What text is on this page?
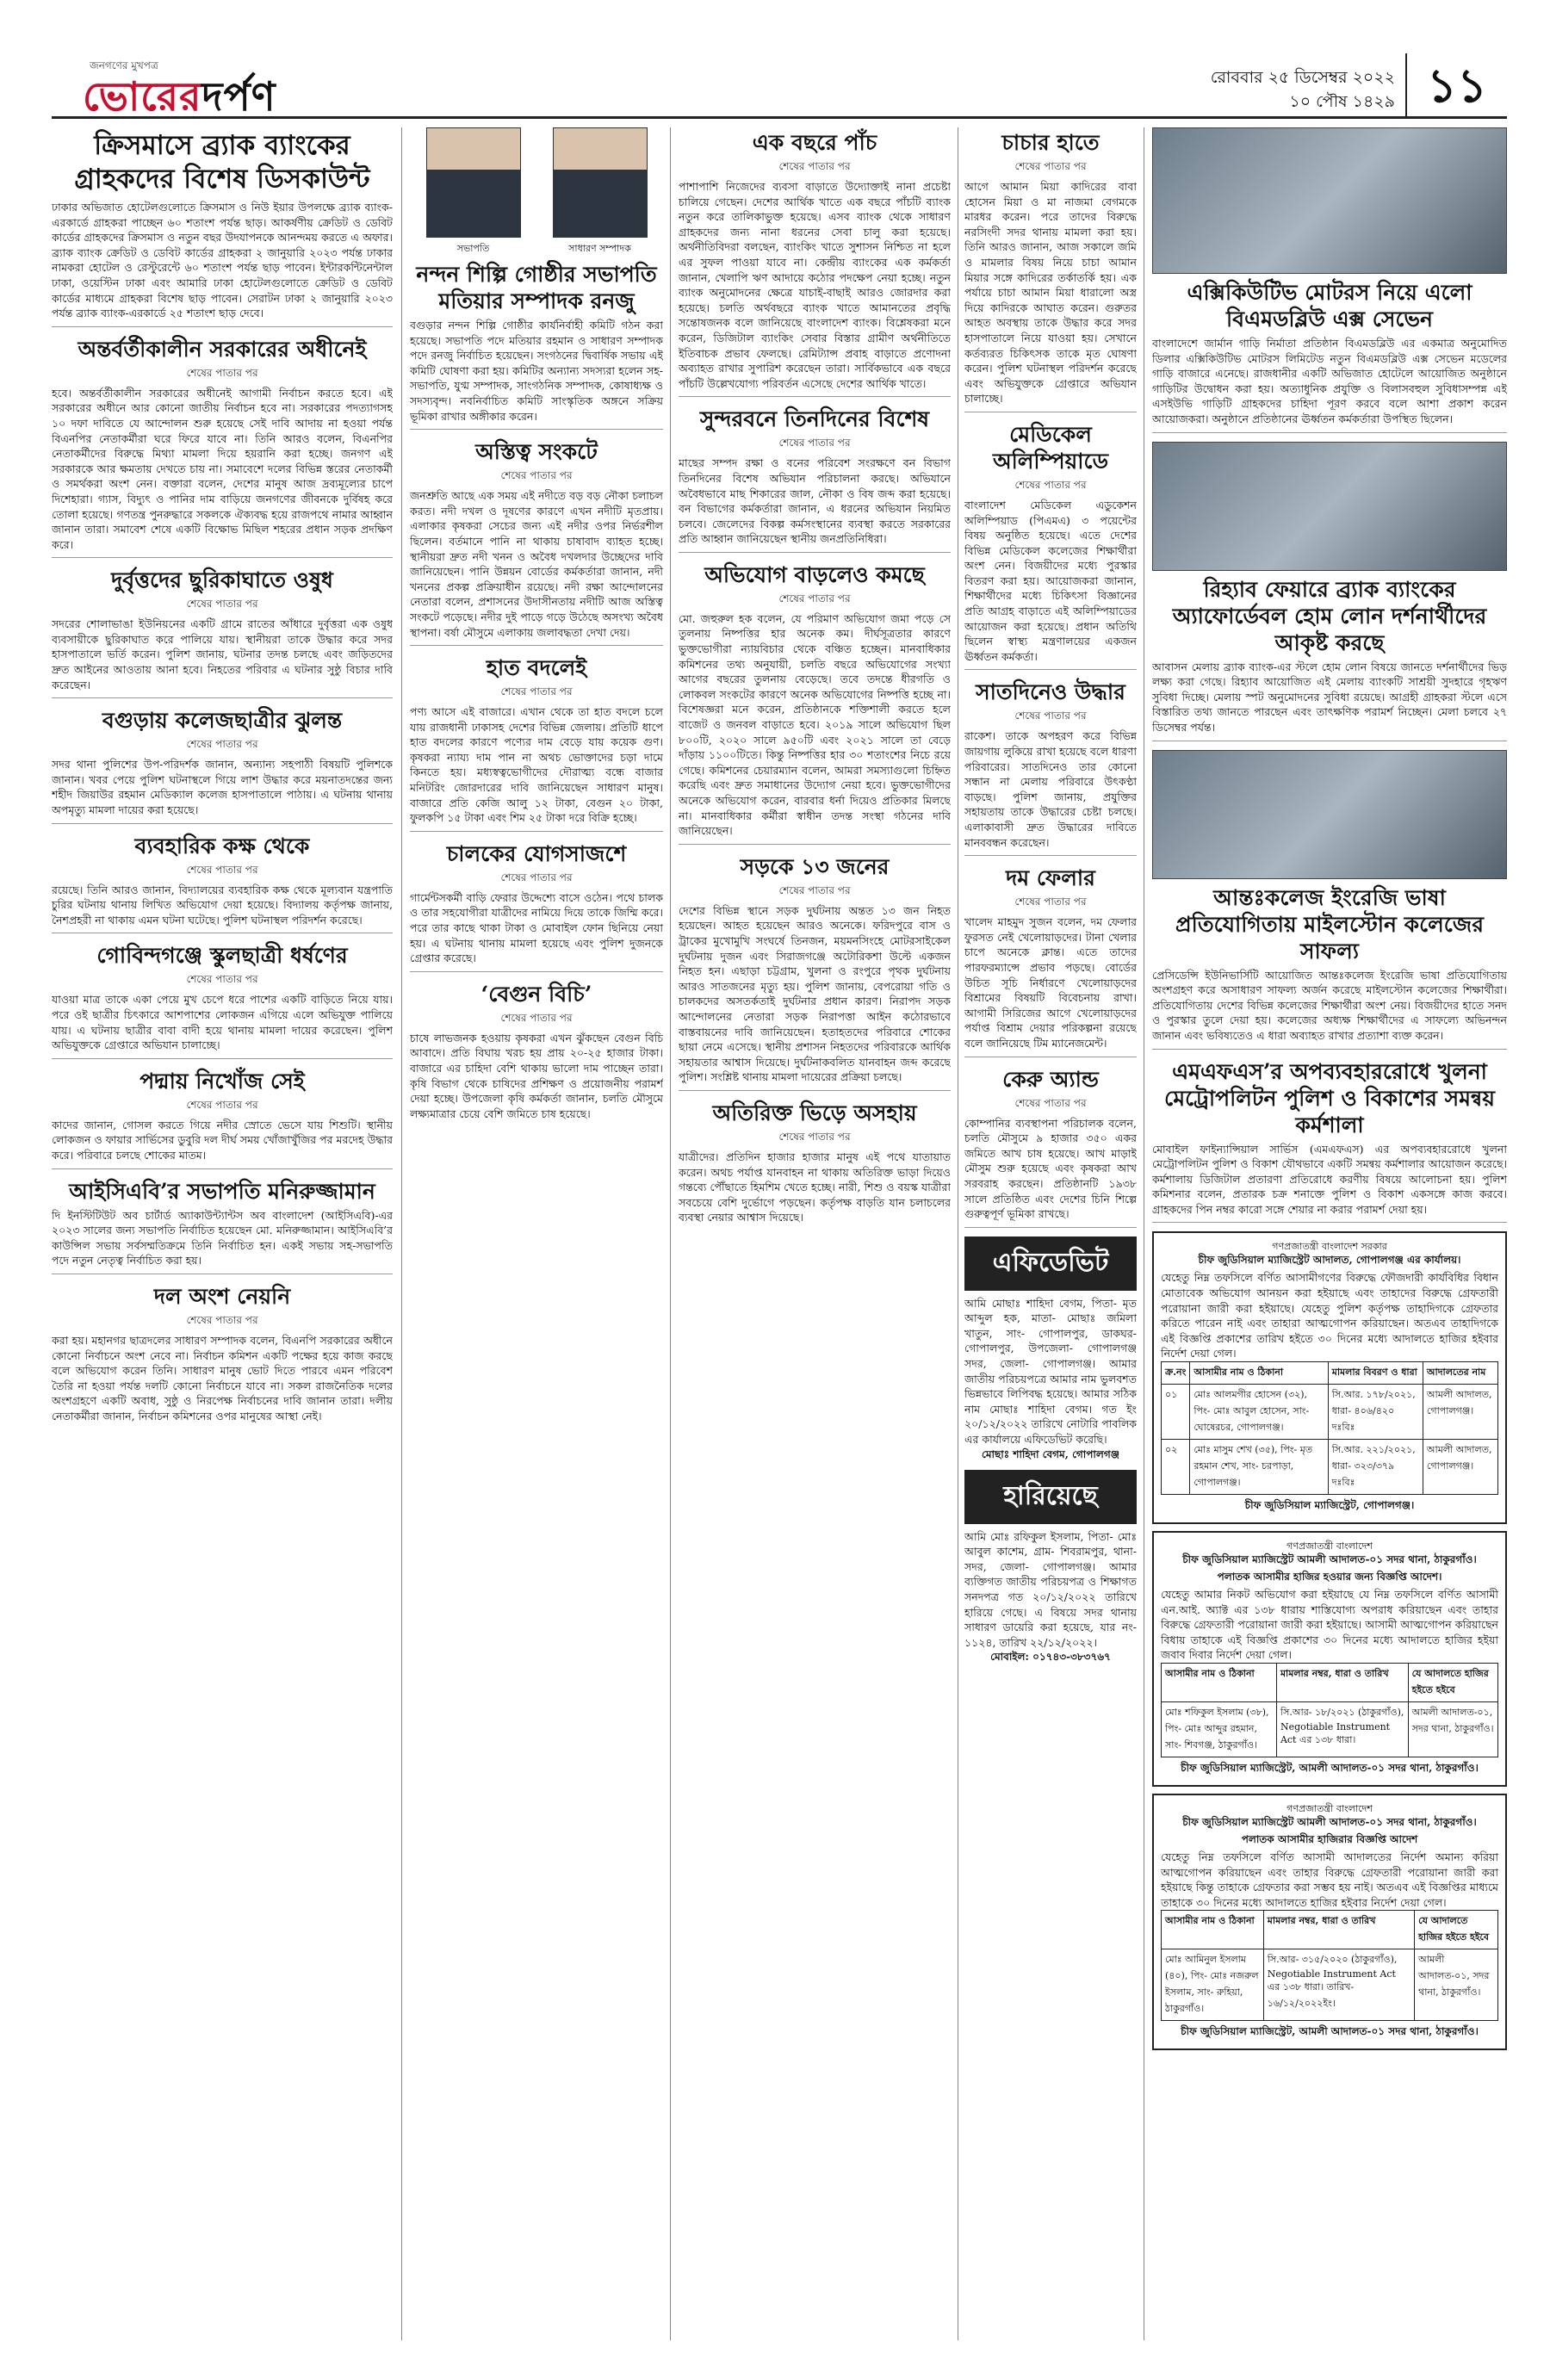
জনগণের মুখপত্র
ভোরেরদর্পণ	রোববার ২৫ ডিসেম্বর ২০২২
১০ পৌষ ১৪২৯ ১১
ক্রিসমাসে ব্র্যাক ব্যাংকের গ্রাহকদের বিশেষ ডিসকাউন্ট

ঢাকার অভিজাত হোটেলগুলোতে ক্রিসমাস ও নিউ ইয়ার উপলক্ষে ব্র্যাক ব্যাংক-এরকার্ডে গ্রাহকরা পাচ্ছেন ৬০ শতাংশ পর্যন্ত ছাড়। আকর্ষণীয় ক্রেডিট ও ডেবিট কার্ডের গ্রাহকদের ক্রিসমাস ও নতুন বছর উদযাপনকে আনন্দময় করতে এ অফার। ব্র্যাক ব্যাংক ক্রেডিট ও ডেবিট কার্ডের গ্রাহকরা ২ জানুয়ারি ২০২৩ পর্যন্ত ঢাকার নামকরা হোটেল ও রেস্টুরেন্টে ৬০ শতাংশ পর্যন্ত ছাড় পাবেন। ইন্টারকন্টিনেন্টাল ঢাকা, ওয়েস্টিন ঢাকা এবং আমারি ঢাকা হোটেলগুলোতে ক্রেডিট ও ডেবিট কার্ডের মাধ্যমে গ্রাহকরা বিশেষ ছাড় পাবেন। সেরাটন ঢাকা ২ জানুয়ারি ২০২৩ পর্যন্ত ব্র্যাক ব্যাংক-এরকার্ডে ২৫ শতাংশ ছাড় দেবে।

অন্তর্বর্তীকালীন সরকারের অধীনেই
শেষের পাতার পর

হবে। অন্তর্বর্তীকালীন সরকারের অধীনেই আগামী নির্বাচন করতে হবে। এই সরকারের অধীনে আর কোনো জাতীয় নির্বাচন হবে না। সরকারের পদত্যাগসহ ১০ দফা দাবিতে যে আন্দোলন শুরু হয়েছে সেই দাবি আদায় না হওয়া পর্যন্ত বিএনপির নেতাকর্মীরা ঘরে ফিরে যাবে না। তিনি আরও বলেন, বিএনপির নেতাকর্মীদের বিরুদ্ধে মিথ্যা মামলা দিয়ে হয়রানি করা হচ্ছে। জনগণ এই সরকারকে আর ক্ষমতায় দেখতে চায় না। সমাবেশে দলের বিভিন্ন স্তরের নেতাকর্মী ও সমর্থকরা অংশ নেন। বক্তারা বলেন, দেশের মানুষ আজ দ্রব্যমূল্যের চাপে দিশেহারা। গ্যাস, বিদ্যুৎ ও পানির দাম বাড়িয়ে জনগণের জীবনকে দুর্বিষহ করে তোলা হয়েছে। গণতন্ত্র পুনরুদ্ধারে সকলকে ঐক্যবদ্ধ হয়ে রাজপথে নামার আহ্বান জানান তারা। সমাবেশ শেষে একটি বিক্ষোভ মিছিল শহরের প্রধান সড়ক প্রদক্ষিণ করে।

দুর্বৃত্তদের ছুরিকাঘাতে ওষুধ
শেষের পাতার পর

সদরের শোলাভাঙা ইউনিয়নের একটি গ্রামে রাতের আঁধারে দুর্বৃত্তরা এক ওষুধ ব্যবসায়ীকে ছুরিকাঘাত করে পালিয়ে যায়। স্থানীয়রা তাকে উদ্ধার করে সদর হাসপাতালে ভর্তি করেন। পুলিশ জানায়, ঘটনার তদন্ত চলছে এবং জড়িতদের দ্রুত আইনের আওতায় আনা হবে। নিহতের পরিবার এ ঘটনার সুষ্ঠু বিচার দাবি করেছেন।

বগুড়ায় কলেজছাত্রীর ঝুলন্ত
শেষের পাতার পর

সদর থানা পুলিশের উপ-পরিদর্শক জানান, অন্যান্য সহপাঠী বিষয়টি পুলিশকে জানান। খবর পেয়ে পুলিশ ঘটনাস্থলে গিয়ে লাশ উদ্ধার করে ময়নাতদন্তের জন্য শহীদ জিয়াউর রহমান মেডিক্যাল কলেজ হাসপাতালে পাঠায়। এ ঘটনায় থানায় অপমৃত্যু মামলা দায়ের করা হয়েছে।

ব্যবহারিক কক্ষ থেকে
শেষের পাতার পর

রয়েছে। তিনি আরও জানান, বিদ্যালয়ের ব্যবহারিক কক্ষ থেকে মূল্যবান যন্ত্রপাতি চুরির ঘটনায় থানায় লিখিত অভিযোগ দেয়া হয়েছে। বিদ্যালয় কর্তৃপক্ষ জানায়, নৈশপ্রহরী না থাকায় এমন ঘটনা ঘটেছে। পুলিশ ঘটনাস্থল পরিদর্শন করেছে।

গোবিন্দগঞ্জে স্কুলছাত্রী ধর্ষণের
শেষের পাতার পর

যাওয়া মাত্র তাকে একা পেয়ে মুখ চেপে ধরে পাশের একটি বাড়িতে নিয়ে যায়। পরে ওই ছাত্রীর চিৎকারে আশপাশের লোকজন এগিয়ে এলে অভিযুক্ত পালিয়ে যায়। এ ঘটনায় ছাত্রীর বাবা বাদী হয়ে থানায় মামলা দায়ের করেছেন। পুলিশ অভিযুক্তকে গ্রেপ্তারে অভিযান চালাচ্ছে।

পদ্মায় নিখোঁজ সেই
শেষের পাতার পর

কাদের জানান, গোসল করতে গিয়ে নদীর স্রোতে ভেসে যায় শিশুটি। স্থানীয় লোকজন ও ফায়ার সার্ভিসের ডুবুরি দল দীর্ঘ সময় খোঁজাখুঁজির পর মরদেহ উদ্ধার করে। পরিবারে চলছে শোকের মাতম।

আইসিএবি’র সভাপতি মনিরুজ্জামান

দি ইনস্টিটিউট অব চার্টার্ড অ্যাকাউন্ট্যান্টস অব বাংলাদেশ (আইসিএবি)-এর ২০২৩ সালের জন্য সভাপতি নির্বাচিত হয়েছেন মো. মনিরুজ্জামান। আইসিএবি’র কাউন্সিল সভায় সর্বসম্মতিক্রমে তিনি নির্বাচিত হন। একই সভায় সহ-সভাপতি পদে নতুন নেতৃত্ব নির্বাচিত করা হয়।

দল অংশ নেয়নি
শেষের পাতার পর

করা হয়। মহানগর ছাত্রদলের সাধারণ সম্পাদক বলেন, বিএনপি সরকারের অধীনে কোনো নির্বাচনে অংশ নেবে না। নির্বাচন কমিশন একটি পক্ষের হয়ে কাজ করছে বলে অভিযোগ করেন তিনি। সাধারণ মানুষ ভোট দিতে পারবে এমন পরিবেশ তৈরি না হওয়া পর্যন্ত দলটি কোনো নির্বাচনে যাবে না। সকল রাজনৈতিক দলের অংশগ্রহণে একটি অবাধ, সুষ্ঠু ও নিরপেক্ষ নির্বাচনের দাবি জানান তারা। দলীয় নেতাকর্মীরা জানান, নির্বাচন কমিশনের ওপর মানুষের আস্থা নেই।

সভাপতি	সাধারণ সম্পাদক
নন্দন শিল্পি গোষ্ঠীর সভাপতি মতিয়ার সম্পাদক রনজু

বগুড়ার নন্দন শিল্পি গোষ্ঠীর কার্যনির্বাহী কমিটি গঠন করা হয়েছে। সভাপতি পদে মতিয়ার রহমান ও সাধারণ সম্পাদক পদে রনজু নির্বাচিত হয়েছেন। সংগঠনের দ্বিবার্ষিক সভায় এই কমিটি ঘোষণা করা হয়। কমিটির অন্যান্য সদস্যরা হলেন সহ-সভাপতি, যুগ্ম সম্পাদক, সাংগঠনিক সম্পাদক, কোষাধ্যক্ষ ও সদস্যবৃন্দ। নবনির্বাচিত কমিটি সাংস্কৃতিক অঙ্গনে সক্রিয় ভূমিকা রাখার অঙ্গীকার করেন।

অস্তিত্ব সংকটে
শেষের পাতার পর

জনশ্রুতি আছে এক সময় এই নদীতে বড় বড় নৌকা চলাচল করত। নদী দখল ও দূষণের কারণে এখন নদীটি মৃতপ্রায়। এলাকার কৃষকরা সেচের জন্য এই নদীর ওপর নির্ভরশীল ছিলেন। বর্তমানে পানি না থাকায় চাষাবাদ ব্যাহত হচ্ছে। স্থানীয়রা দ্রুত নদী খনন ও অবৈধ দখলদার উচ্ছেদের দাবি জানিয়েছেন। পানি উন্নয়ন বোর্ডের কর্মকর্তারা জানান, নদী খননের প্রকল্প প্রক্রিয়াধীন রয়েছে। নদী রক্ষা আন্দোলনের নেতারা বলেন, প্রশাসনের উদাসীনতায় নদীটি আজ অস্তিত্ব সংকটে পড়েছে। নদীর দুই পাড়ে গড়ে উঠেছে অসংখ্য অবৈধ স্থাপনা। বর্ষা মৌসুমে এলাকায় জলাবদ্ধতা দেখা দেয়।

হাত বদলেই
শেষের পাতার পর

পণ্য আসে এই বাজারে। এখান থেকে তা হাত বদলে চলে যায় রাজধানী ঢাকাসহ দেশের বিভিন্ন জেলায়। প্রতিটি ধাপে হাত বদলের কারণে পণ্যের দাম বেড়ে যায় কয়েক গুণ। কৃষকরা ন্যায্য দাম পান না অথচ ভোক্তাদের চড়া দামে কিনতে হয়। মধ্যস্বত্বভোগীদের দৌরাত্ম্য বন্ধে বাজার মনিটরিং জোরদারের দাবি জানিয়েছেন সাধারণ মানুষ। বাজারে প্রতি কেজি আলু ১২ টাকা, বেগুন ২০ টাকা, ফুলকপি ১৫ টাকা এবং শিম ২৫ টাকা দরে বিক্রি হচ্ছে।

চালকের যোগসাজশে
শেষের পাতার পর

গার্মেন্টসকর্মী বাড়ি ফেরার উদ্দেশ্যে বাসে ওঠেন। পথে চালক ও তার সহযোগীরা যাত্রীদের নামিয়ে দিয়ে তাকে জিম্মি করে। পরে তার কাছে থাকা টাকা ও মোবাইল ফোন ছিনিয়ে নেয়া হয়। এ ঘটনায় থানায় মামলা হয়েছে এবং পুলিশ দুজনকে গ্রেপ্তার করেছে।

‘বেগুন বিচি’
শেষের পাতার পর

চাষে লাভজনক হওয়ায় কৃষকরা এখন ঝুঁকছেন বেগুন বিচি আবাদে। প্রতি বিঘায় খরচ হয় প্রায় ২০-২৫ হাজার টাকা। বাজারে এর চাহিদা বেশি থাকায় ভালো দাম পাচ্ছেন তারা। কৃষি বিভাগ থেকে চাষিদের প্রশিক্ষণ ও প্রয়োজনীয় পরামর্শ দেয়া হচ্ছে। উপজেলা কৃষি কর্মকর্তা জানান, চলতি মৌসুমে লক্ষ্যমাত্রার চেয়ে বেশি জমিতে চাষ হয়েছে।

এক বছরে পাঁচ
শেষের পাতার পর

পাশাপাশি নিজেদের ব্যবসা বাড়াতে উদ্যোক্তাই নানা প্রচেষ্টা চালিয়ে গেছেন। দেশের আর্থিক খাতে এক বছরে পাঁচটি ব্যাংক নতুন করে তালিকাভুক্ত হয়েছে। এসব ব্যাংক থেকে সাধারণ গ্রাহকদের জন্য নানা ধরনের সেবা চালু করা হয়েছে। অর্থনীতিবিদরা বলছেন, ব্যাংকিং খাতে সুশাসন নিশ্চিত না হলে এর সুফল পাওয়া যাবে না। কেন্দ্রীয় ব্যাংকের এক কর্মকর্তা জানান, খেলাপি ঋণ আদায়ে কঠোর পদক্ষেপ নেয়া হচ্ছে। নতুন ব্যাংক অনুমোদনের ক্ষেত্রে যাচাই-বাছাই আরও জোরদার করা হয়েছে। চলতি অর্থবছরে ব্যাংক খাতে আমানতের প্রবৃদ্ধি সন্তোষজনক বলে জানিয়েছে বাংলাদেশ ব্যাংক। বিশ্লেষকরা মনে করেন, ডিজিটাল ব্যাংকিং সেবার বিস্তার গ্রামীণ অর্থনীতিতে ইতিবাচক প্রভাব ফেলছে। রেমিট্যান্স প্রবাহ বাড়াতে প্রণোদনা অব্যাহত রাখার সুপারিশ করেছেন তারা। সার্বিকভাবে এক বছরে পাঁচটি উল্লেখযোগ্য পরিবর্তন এসেছে দেশের আর্থিক খাতে।

সুন্দরবনে তিনদিনের বিশেষ
শেষের পাতার পর

মাছের সম্পদ রক্ষা ও বনের পরিবেশ সংরক্ষণে বন বিভাগ তিনদিনের বিশেষ অভিযান পরিচালনা করছে। অভিযানে অবৈধভাবে মাছ শিকারের জাল, নৌকা ও বিষ জব্দ করা হয়েছে। বন বিভাগের কর্মকর্তারা জানান, এ ধরনের অভিযান নিয়মিত চলবে। জেলেদের বিকল্প কর্মসংস্থানের ব্যবস্থা করতে সরকারের প্রতি আহ্বান জানিয়েছেন স্থানীয় জনপ্রতিনিধিরা।

অভিযোগ বাড়লেও কমছে
শেষের পাতার পর

মো. জহুরুল হক বলেন, যে পরিমাণ অভিযোগ জমা পড়ে সে তুলনায় নিষ্পত্তির হার অনেক কম। দীর্ঘসূত্রতার কারণে ভুক্তভোগীরা ন্যায়বিচার থেকে বঞ্চিত হচ্ছেন। মানবাধিকার কমিশনের তথ্য অনুযায়ী, চলতি বছরে অভিযোগের সংখ্যা আগের বছরের তুলনায় বেড়েছে। তবে তদন্তে ধীরগতি ও লোকবল সংকটের কারণে অনেক অভিযোগের নিষ্পত্তি হচ্ছে না। বিশেষজ্ঞরা মনে করেন, প্রতিষ্ঠানকে শক্তিশালী করতে হলে বাজেট ও জনবল বাড়াতে হবে। ২০১৯ সালে অভিযোগ ছিল ৮০০টি, ২০২০ সালে ৯৫০টি এবং ২০২১ সালে তা বেড়ে দাঁড়ায় ১১০০টিতে। কিন্তু নিষ্পত্তির হার ৩০ শতাংশের নিচে রয়ে গেছে। কমিশনের চেয়ারম্যান বলেন, আমরা সমস্যাগুলো চিহ্নিত করেছি এবং দ্রুত সমাধানের উদ্যোগ নেয়া হবে। ভুক্তভোগীদের অনেকে অভিযোগ করেন, বারবার ধর্না দিয়েও প্রতিকার মিলছে না। মানবাধিকার কর্মীরা স্বাধীন তদন্ত সংস্থা গঠনের দাবি জানিয়েছেন।

সড়কে ১৩ জনের
শেষের পাতার পর

দেশের বিভিন্ন স্থানে সড়ক দুর্ঘটনায় অন্তত ১৩ জন নিহত হয়েছেন। আহত হয়েছেন আরও অনেকে। ফরিদপুরে বাস ও ট্রাকের মুখোমুখি সংঘর্ষে তিনজন, ময়মনসিংহে মোটরসাইকেল দুর্ঘটনায় দুজন এবং সিরাজগঞ্জে অটোরিকশা উল্টে একজন নিহত হন। এছাড়া চট্টগ্রাম, খুলনা ও রংপুরে পৃথক দুর্ঘটনায় আরও সাতজনের মৃত্যু হয়। পুলিশ জানায়, বেপরোয়া গতি ও চালকদের অসতর্কতাই দুর্ঘটনার প্রধান কারণ। নিরাপদ সড়ক আন্দোলনের নেতারা সড়ক নিরাপত্তা আইন কঠোরভাবে বাস্তবায়নের দাবি জানিয়েছেন। হতাহতদের পরিবারে শোকের ছায়া নেমে এসেছে। স্থানীয় প্রশাসন নিহতদের পরিবারকে আর্থিক সহায়তার আশ্বাস দিয়েছে। দুর্ঘটনাকবলিত যানবাহন জব্দ করেছে পুলিশ। সংশ্লিষ্ট থানায় মামলা দায়েরের প্রক্রিয়া চলছে।

অতিরিক্ত ভিড়ে অসহায়
শেষের পাতার পর

যাত্রীদের। প্রতিদিন হাজার হাজার মানুষ এই পথে যাতায়াত করেন। অথচ পর্যাপ্ত যানবাহন না থাকায় অতিরিক্ত ভাড়া দিয়েও গন্তব্যে পৌঁছাতে হিমশিম খেতে হচ্ছে। নারী, শিশু ও বয়স্ক যাত্রীরা সবচেয়ে বেশি দুর্ভোগে পড়ছেন। কর্তৃপক্ষ বাড়তি যান চলাচলের ব্যবস্থা নেয়ার আশ্বাস দিয়েছে।

চাচার হাতে
শেষের পাতার পর

আগে আমান মিয়া কাদিরের বাবা হোসেন মিয়া ও মা নাজমা বেগমকে মারধর করেন। পরে তাদের বিরুদ্ধে নরসিংদী সদর থানায় মামলা করা হয়। তিনি আরও জানান, আজ সকালে জমি ও মামলার বিষয় নিয়ে চাচা আমান মিয়ার সঙ্গে কাদিরের তর্কাতর্কি হয়। এক পর্যায়ে চাচা আমান মিয়া ধারালো অস্ত্র দিয়ে কাদিরকে আঘাত করেন। গুরুতর আহত অবস্থায় তাকে উদ্ধার করে সদর হাসপাতালে নিয়ে যাওয়া হয়। সেখানে কর্তব্যরত চিকিৎসক তাকে মৃত ঘোষণা করেন। পুলিশ ঘটনাস্থল পরিদর্শন করেছে এবং অভিযুক্তকে গ্রেপ্তারে অভিযান চালাচ্ছে।

মেডিকেল অলিম্পিয়াডে
শেষের পাতার পর

বাংলাদেশ মেডিকেল এডুকেশন অলিম্পিয়াড (পিএমএ) ৩ পয়েন্টের বিষয় অনুষ্ঠিত হয়েছে। এতে দেশের বিভিন্ন মেডিকেল কলেজের শিক্ষার্থীরা অংশ নেন। বিজয়ীদের মধ্যে পুরস্কার বিতরণ করা হয়। আয়োজকরা জানান, শিক্ষার্থীদের মধ্যে চিকিৎসা বিজ্ঞানের প্রতি আগ্রহ বাড়াতে এই অলিম্পিয়াডের আয়োজন করা হয়েছে। প্রধান অতিথি ছিলেন স্বাস্থ্য মন্ত্রণালয়ের একজন ঊর্ধ্বতন কর্মকর্তা।

সাতদিনেও উদ্ধার
শেষের পাতার পর

রাকেশ। তাকে অপহরণ করে বিভিন্ন জায়গায় লুকিয়ে রাখা হয়েছে বলে ধারণা পরিবারের। সাতদিনেও তার কোনো সন্ধান না মেলায় পরিবারে উৎকণ্ঠা বাড়ছে। পুলিশ জানায়, প্রযুক্তির সহায়তায় তাকে উদ্ধারের চেষ্টা চলছে। এলাকাবাসী দ্রুত উদ্ধারের দাবিতে মানববন্ধন করেছেন।

দম ফেলার
শেষের পাতার পর

খালেদ মাহমুদ সুজন বলেন, দম ফেলার ফুরসত নেই খেলোয়াড়দের। টানা খেলার চাপে অনেকে ক্লান্ত। এতে তাদের পারফরম্যান্সে প্রভাব পড়ছে। বোর্ডের উচিত সূচি নির্ধারণে খেলোয়াড়দের বিশ্রামের বিষয়টি বিবেচনায় রাখা। আগামী সিরিজের আগে খেলোয়াড়দের পর্যাপ্ত বিশ্রাম দেয়ার পরিকল্পনা রয়েছে বলে জানিয়েছে টিম ম্যানেজমেন্ট।

কেরু অ্যান্ড
শেষের পাতার পর

কোম্পানির ব্যবস্থাপনা পরিচালক বলেন, চলতি মৌসুমে ৯ হাজার ৩৫০ একর জমিতে আখ চাষ হয়েছে। আখ মাড়াই মৌসুম শুরু হয়েছে এবং কৃষকরা আখ সরবরাহ করছেন। প্রতিষ্ঠানটি ১৯৩৮ সালে প্রতিষ্ঠিত এবং দেশের চিনি শিল্পে গুরুত্বপূর্ণ ভূমিকা রাখছে।

এফিডেভিট

আমি মোছাঃ শাহিদা বেগম, পিতা- মৃত আব্দুল হক, মাতা- মোছাঃ জমিলা খাতুন, সাং- গোপালপুর, ডাকঘর- গোপালপুর, উপজেলা- গোপালগঞ্জ সদর, জেলা- গোপালগঞ্জ। আমার জাতীয় পরিচয়পত্রে আমার নাম ভুলবশত ভিন্নভাবে লিপিবদ্ধ হয়েছে। আমার সঠিক নাম মোছাঃ শাহিদা বেগম। গত ইং ২০/১২/২০২২ তারিখে নোটারি পাবলিক এর কার্যালয়ে এফিডেভিট করেছি।

মোছাঃ শাহিদা বেগম, গোপালগঞ্জ

হারিয়েছে

আমি মোঃ রফিকুল ইসলাম, পিতা- মোঃ আবুল কাশেম, গ্রাম- শিবরামপুর, থানা- সদর, জেলা- গোপালগঞ্জ। আমার ব্যক্তিগত জাতীয় পরিচয়পত্র ও শিক্ষাগত সনদপত্র গত ২০/১২/২০২২ তারিখে হারিয়ে গেছে। এ বিষয়ে সদর থানায় সাধারণ ডায়েরি করা হয়েছে, যার নং- ১১২৪, তারিখ ২২/১২/২০২২।

মোবাইল: ০১৭৪৩-৩৮৩৭৬৭

এক্সিকিউটিভ মোটরস নিয়ে এলো বিএমডব্লিউ এক্স সেভেন

বাংলাদেশে জার্মান গাড়ি নির্মাতা প্রতিষ্ঠান বিএমডব্লিউ এর একমাত্র অনুমোদিত ডিলার এক্সিকিউটিভ মোটরস লিমিটেড নতুন বিএমডব্লিউ এক্স সেভেন মডেলের গাড়ি বাজারে এনেছে। রাজধানীর একটি অভিজাত হোটেলে আয়োজিত অনুষ্ঠানে গাড়িটির উদ্বোধন করা হয়। অত্যাধুনিক প্রযুক্তি ও বিলাসবহুল সুবিধাসম্পন্ন এই এসইউভি গাড়িটি গ্রাহকদের চাহিদা পূরণ করবে বলে আশা প্রকাশ করেন আয়োজকরা। অনুষ্ঠানে প্রতিষ্ঠানের ঊর্ধ্বতন কর্মকর্তারা উপস্থিত ছিলেন।

রিহ্যাব ফেয়ারে ব্র্যাক ব্যাংকের অ্যাফোর্ডেবল হোম লোন দর্শনার্থীদের আকৃষ্ট করছে

আবাসন মেলায় ব্র্যাক ব্যাংক-এর স্টলে হোম লোন বিষয়ে জানতে দর্শনার্থীদের ভিড় লক্ষ্য করা গেছে। রিহ্যাব আয়োজিত এই মেলায় ব্যাংকটি সাশ্রয়ী সুদহারে গৃহঋণ সুবিধা দিচ্ছে। মেলায় স্পট অনুমোদনের সুবিধা রয়েছে। আগ্রহী গ্রাহকরা স্টলে এসে বিস্তারিত তথ্য জানতে পারছেন এবং তাৎক্ষণিক পরামর্শ নিচ্ছেন। মেলা চলবে ২৭ ডিসেম্বর পর্যন্ত।

আন্তঃকলেজ ইংরেজি ভাষা প্রতিযোগিতায় মাইলস্টোন কলেজের সাফল্য

প্রেসিডেন্সি ইউনিভার্সিটি আয়োজিত আন্তঃকলেজ ইংরেজি ভাষা প্রতিযোগিতায় অংশগ্রহণ করে অসাধারণ সাফল্য অর্জন করেছে মাইলস্টোন কলেজের শিক্ষার্থীরা। প্রতিযোগিতায় দেশের বিভিন্ন কলেজের শিক্ষার্থীরা অংশ নেয়। বিজয়ীদের হাতে সনদ ও পুরস্কার তুলে দেয়া হয়। কলেজের অধ্যক্ষ শিক্ষার্থীদের এ সাফল্যে অভিনন্দন জানান এবং ভবিষ্যতেও এ ধারা অব্যাহত রাখার প্রত্যাশা ব্যক্ত করেন।

এমএফএস’র অপব্যবহাররোধে খুলনা মেট্রোপলিটন পুলিশ ও বিকাশের সমন্বয় কর্মশালা

মোবাইল ফাইন্যান্সিয়াল সার্ভিস (এমএফএস) এর অপব্যবহাররোধে খুলনা মেট্রোপলিটন পুলিশ ও বিকাশ যৌথভাবে একটি সমন্বয় কর্মশালার আয়োজন করেছে। কর্মশালায় ডিজিটাল প্রতারণা প্রতিরোধে করণীয় বিষয়ে আলোচনা হয়। পুলিশ কমিশনার বলেন, প্রতারক চক্র শনাক্তে পুলিশ ও বিকাশ একসঙ্গে কাজ করবে। গ্রাহকদের পিন নম্বর কারো সঙ্গে শেয়ার না করার পরামর্শ দেয়া হয়।

গণপ্রজাতন্ত্রী বাংলাদেশ সরকার
চীফ জুডিসিয়াল ম্যাজিস্ট্রেট আদালত, গোপালগঞ্জ এর কার্যালয়।

যেহেতু নিম্ন তফসিলে বর্ণিত আসামীগণের বিরুদ্ধে ফৌজদারী কার্যবিধির বিধান মোতাবেক অভিযোগ আনয়ন করা হইয়াছে এবং তাহাদের বিরুদ্ধে গ্রেফতারী পরোয়ানা জারী করা হইয়াছে। যেহেতু পুলিশ কর্তৃপক্ষ তাহাদিগকে গ্রেফতার করিতে পারেন নাই এবং তাহারা আত্মগোপন করিয়াছেন। অতএব তাহাদিগকে এই বিজ্ঞপ্তি প্রকাশের তারিখ হইতে ৩০ দিনের মধ্যে আদালতে হাজির হইবার নির্দেশ দেয়া গেল।

ক্র.নং	আসামীর নাম ও ঠিকানা	মামলার বিবরণ ও ধারা	আদালতের নাম
০১	মোঃ আলমগীর হোসেন (৩২), পিং- মোঃ আবুল হোসেন, সাং- ঘোষেরচর, গোপালগঞ্জ।	সি.আর. ১৭৮/২০২১, ধারা- ৪০৬/৪২০ দঃবিঃ	আমলী আদালত, গোপালগঞ্জ।
০২	মোঃ মাসুম শেখ (৩৫), পিং- মৃত রহমান শেখ, সাং- চরপাড়া, গোপালগঞ্জ।	সি.আর. ২২১/২০২১, ধারা- ৩২৩/৩৭৯ দঃবিঃ	আমলী আদালত, গোপালগঞ্জ।
চীফ জুডিসিয়াল ম্যাজিস্ট্রেট, গোপালগঞ্জ।
গণপ্রজাতন্ত্রী বাংলাদেশ
চীফ জুডিসিয়াল ম্যাজিস্ট্রেট আমলী আদালত-০১ সদর থানা, ঠাকুরগাঁও।
পলাতক আসামীর হাজির হওয়ার জন্য বিজ্ঞপ্তি আদেশ।

যেহেতু আমার নিকট অভিযোগ করা হইয়াছে যে নিম্ন তফসিলে বর্ণিত আসামী এন.আই. অ্যাক্ট এর ১৩৮ ধারায় শাস্তিযোগ্য অপরাধ করিয়াছেন এবং তাহার বিরুদ্ধে গ্রেফতারী পরোয়ানা জারী করা হইয়াছে। আসামী আত্মগোপন করিয়াছেন বিধায় তাহাকে এই বিজ্ঞপ্তি প্রকাশের ৩০ দিনের মধ্যে আদালতে হাজির হইয়া জবাব দিবার নির্দেশ দেয়া গেল।

আসামীর নাম ও ঠিকানা	মামলার নম্বর, ধারা ও তারিখ	যে আদালতে হাজির হইতে হইবে
মোঃ শফিকুল ইসলাম (৩৮), পিং- মোঃ আব্দুর রহমান, সাং- শিবগঞ্জ, ঠাকুরগাঁও।	সি.আর- ১৮/২০২১ (ঠাকুরগাঁও), Negotiable Instrument Act এর ১৩৮ ধারা।	আমলী আদালত-০১, সদর থানা, ঠাকুরগাঁও।
চীফ জুডিসিয়াল ম্যাজিস্ট্রেট, আমলী আদালত-০১ সদর থানা, ঠাকুরগাঁও।
গণপ্রজাতন্ত্রী বাংলাদেশ
চীফ জুডিসিয়াল ম্যাজিস্ট্রেট আমলী আদালত-০১ সদর থানা, ঠাকুরগাঁও।
পলাতক আসামীর হাজিরার বিজ্ঞপ্তি আদেশ

যেহেতু নিম্ন তফসিলে বর্ণিত আসামী আদালতের নির্দেশ অমান্য করিয়া আত্মগোপন করিয়াছেন এবং তাহার বিরুদ্ধে গ্রেফতারী পরোয়ানা জারী করা হইয়াছে কিন্তু তাহাকে গ্রেফতার করা সম্ভব হয় নাই। অতএব এই বিজ্ঞপ্তির মাধ্যমে তাহাকে ৩০ দিনের মধ্যে আদালতে হাজির হইবার নির্দেশ দেয়া গেল।

আসামীর নাম ও ঠিকানা	মামলার নম্বর, ধারা ও তারিখ	যে আদালতে হাজির হইতে হইবে
মোঃ আমিনুল ইসলাম (৪০), পিং- মোঃ নজরুল ইসলাম, সাং- রুহিয়া, ঠাকুরগাঁও।	সি.আর- ৩১৫/২০২০ (ঠাকুরগাঁও), Negotiable Instrument Act এর ১৩৮ ধারা। তারিখ- ১৬/১২/২০২২ইং।	আমলী আদালত-০১, সদর থানা, ঠাকুরগাঁও।
চীফ জুডিসিয়াল ম্যাজিস্ট্রেট, আমলী আদালত-০১ সদর থানা, ঠাকুরগাঁও।
